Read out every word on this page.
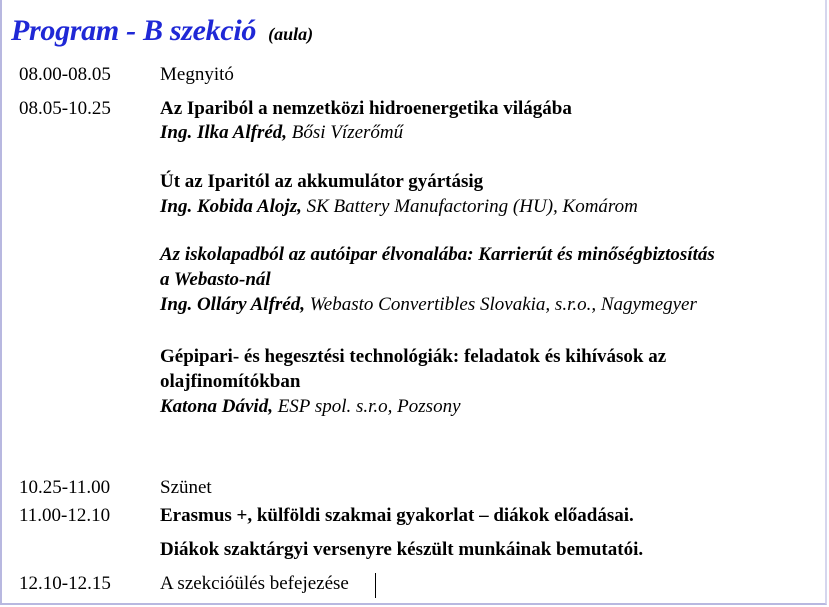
Program - B szekció (aula)
08.00-08.05	Megnyitó
08.05-10.25	Az Ipariból a nemzetközi hidroenergetika világába
Ing. Ilka Alfréd, Bősi Vízerőmű
Út az Iparitól az akkumulátor gyártásig
Ing. Kobida Alojz, SK Battery Manufactoring (HU), Komárom
Az iskolapadból az autóipar élvonalába: Karrierút és minőségbiztosítás
a Webasto-nál
Ing. Olláry Alfréd, Webasto Convertibles Slovakia, s.r.o., Nagymegyer
Gépipari- és hegesztési technológiák: feladatok és kihívások az
olajfinomítókban
Katona Dávid, ESP spol. s.r.o, Pozsony
10.25-11.00	Szünet
11.00-12.10	Erasmus +, külföldi szakmai gyakorlat – diákok előadásai.
Diákok szaktárgyi versenyre készült munkáinak bemutatói.
12.10-12.15	A szekcióülés befejezése
